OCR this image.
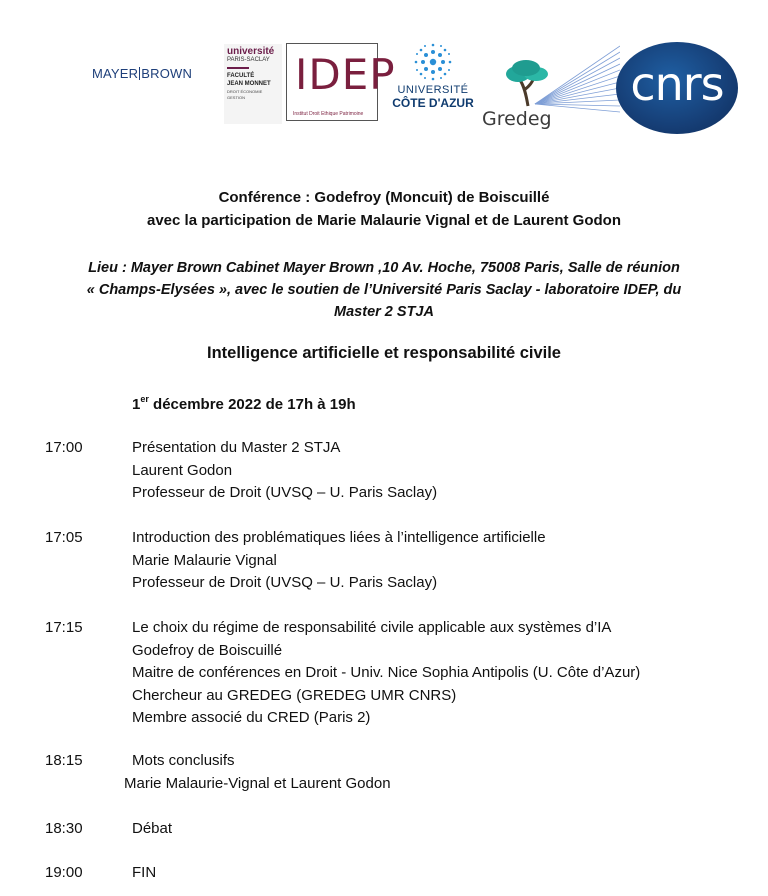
MAYER BROWN
université
PARIS-SACLAY
FACULTÉ
JEAN MONNET
DROIT ÉCONOMIE GESTION	IDEP
Institut Droit Ethique Patrimoine
UNIVERSITÉ
CÔTE D'AZUR
Gredeg
cnrs
Conférence : Godefroy (Moncuit) de Boiscuillé
avec la participation de Marie Malaurie Vignal et de Laurent Godon
Lieu : Mayer Brown Cabinet Mayer Brown ,10 Av. Hoche, 75008 Paris, Salle de réunion
« Champs-Elysées », avec le soutien de l’Université Paris Saclay - laboratoire IDEP, du
Master 2 STJA
Intelligence artificielle et responsabilité civile
1er décembre 2022 de 17h à 19h
17:00	Présentation du Master 2 STJA
Laurent Godon
Professeur de Droit (UVSQ – U. Paris Saclay)
17:05	Introduction des problématiques liées à l’intelligence artificielle
Marie Malaurie Vignal
Professeur de Droit (UVSQ – U. Paris Saclay)
17:15	Le choix du régime de responsabilité civile applicable aux systèmes d’IA
Godefroy de Boiscuillé
Maitre de conférences en Droit - Univ. Nice Sophia Antipolis (U. Côte d’Azur)
Chercheur au GREDEG (GREDEG UMR CNRS)
Membre associé du CRED (Paris 2)
18:15	Mots conclusifs
Marie Malaurie-Vignal et Laurent Godon
18:30	Débat
19:00	FIN
